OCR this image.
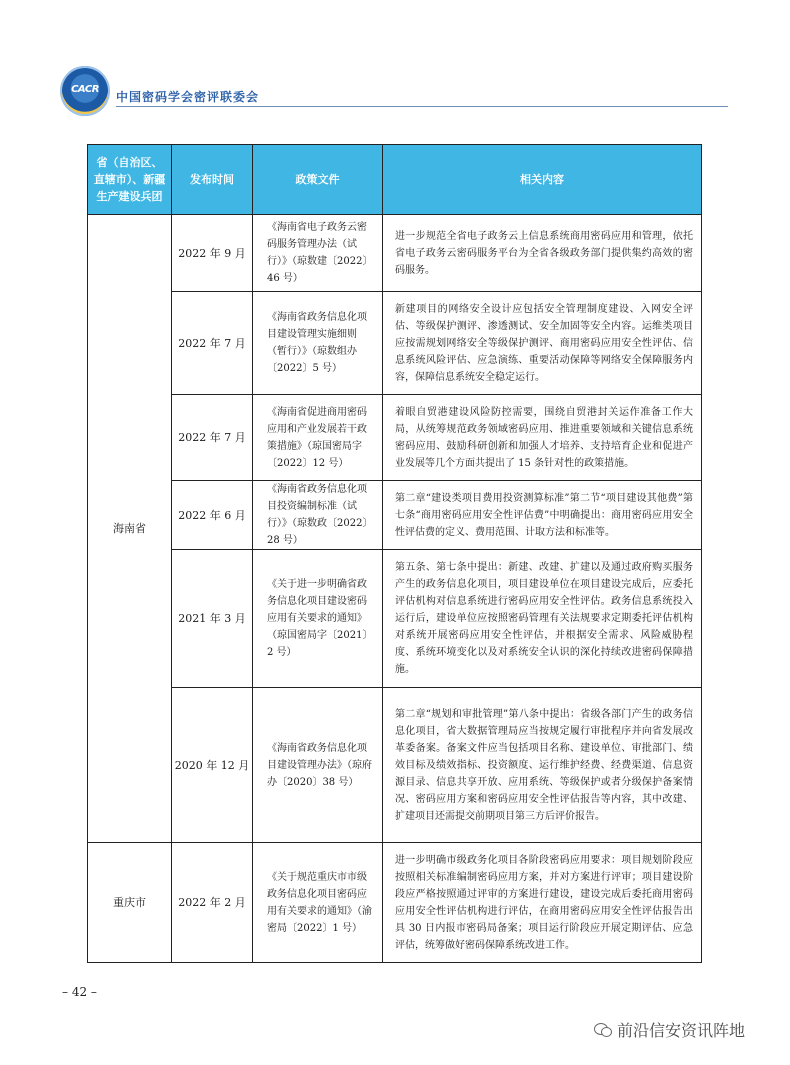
CACR
中国密码学会密评联委会
省（自治区、直辖市）、新疆生产建设兵团	发布时间	政策文件	相关内容
海南省	2022 年 9 月	《海南省电子政务云密码服务管理办法（试行）》（琼数建〔2022〕46 号）	进一步规范全省电子政务云上信息系统商用密码应用和管理，依托省电子政务云密码服务平台为全省各级政务部门提供集约高效的密码服务。
	2022 年 7 月	《海南省政务信息化项目建设管理实施细则（暂行）》（琼数组办〔2022〕5 号）	新建项目的网络安全设计应包括安全管理制度建设、入网安全评估、等级保护测评、渗透测试、安全加固等安全内容。运维类项目应按需规划网络安全等级保护测评、商用密码应用安全性评估、信息系统风险评估、应急演练、重要活动保障等网络安全保障服务内容，保障信息系统安全稳定运行。
	2022 年 7 月	《海南省促进商用密码应用和产业发展若干政策措施》（琼国密局字〔2022〕12 号）	着眼自贸港建设风险防控需要，围绕自贸港封关运作准备工作大局，从统筹规范政务领域密码应用、推进重要领域和关键信息系统密码应用、鼓励科研创新和加强人才培养、支持培育企业和促进产业发展等几个方面共提出了 15 条针对性的政策措施。
	2022 年 6 月	《海南省政务信息化项目投资编制标准（试行）》（琼数政〔2022〕28 号）	第二章“建设类项目费用投资测算标准”第二节“项目建设其他费”第七条“商用密码应用安全性评估费”中明确提出：商用密码应用安全性评估费的定义、费用范围、计取方法和标准等。
	2021 年 3 月	《关于进一步明确省政务信息化项目建设密码应用有关要求的通知》（琼国密局字〔2021〕2 号）	第五条、第七条中提出：新建、改建、扩建以及通过政府购买服务产生的政务信息化项目，项目建设单位在项目建设完成后，应委托评估机构对信息系统进行密码应用安全性评估。政务信息系统投入运行后，建设单位应按照密码管理有关法规要求定期委托评估机构对系统开展密码应用安全性评估，并根据安全需求、风险威胁程度、系统环境变化以及对系统安全认识的深化持续改进密码保障措施。
	2020 年 12 月	《海南省政务信息化项目建设管理办法》（琼府办〔2020〕38 号）	第二章“规划和审批管理”第八条中提出：省级各部门产生的政务信息化项目，省大数据管理局应当按规定履行审批程序并向省发展改革委备案。备案文件应当包括项目名称、建设单位、审批部门、绩效目标及绩效指标、投资额度、运行维护经费、经费渠道、信息资源目录、信息共享开放、应用系统、等级保护或者分级保护备案情况、密码应用方案和密码应用安全性评估报告等内容，其中改建、扩建项目还需提交前期项目第三方后评价报告。
重庆市	2022 年 2 月	《关于规范重庆市市级政务信息化项目密码应用有关要求的通知》（渝密局〔2022〕1 号）	进一步明确市级政务化项目各阶段密码应用要求：项目规划阶段应按照相关标准编制密码应用方案，并对方案进行评审；项目建设阶段应严格按照通过评审的方案进行建设，建设完成后委托商用密码应用安全性评估机构进行评估，在商用密码应用安全性评估报告出具 30 日内报市密码局备案；项目运行阶段应开展定期评估、应急评估，统筹做好密码保障系统改进工作。
– 42 –
前沿信安资讯阵地
